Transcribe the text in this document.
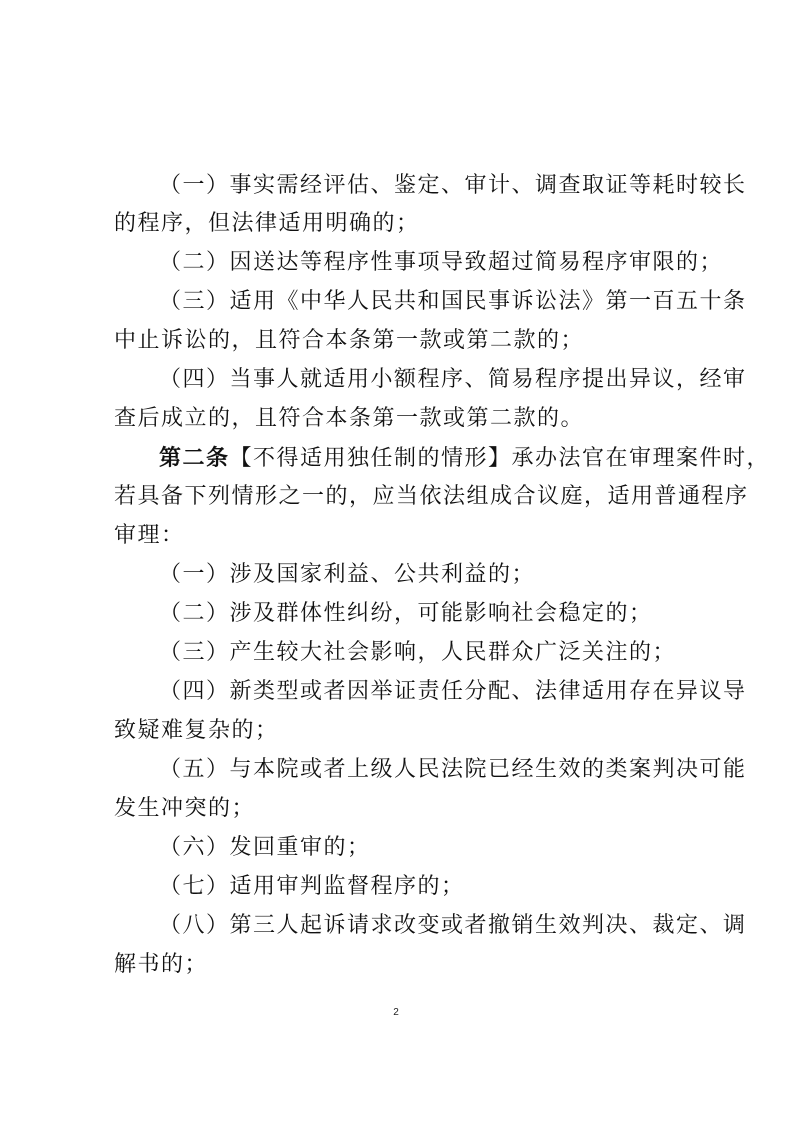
（一）事实需经评估、鉴定、审计、调查取证等耗时较长
的程序，但法律适用明确的；
（二）因送达等程序性事项导致超过简易程序审限的；
（三）适用《中华人民共和国民事诉讼法》第一百五十条
中止诉讼的，且符合本条第一款或第二款的；
（四）当事人就适用小额程序、简易程序提出异议，经审
查后成立的，且符合本条第一款或第二款的。
第二条【不得适用独任制的情形】承办法官在审理案件时，
若具备下列情形之一的，应当依法组成合议庭，适用普通程序
审理：
（一）涉及国家利益、公共利益的；
（二）涉及群体性纠纷，可能影响社会稳定的；
（三）产生较大社会影响，人民群众广泛关注的；
（四）新类型或者因举证责任分配、法律适用存在异议导
致疑难复杂的；
（五）与本院或者上级人民法院已经生效的类案判决可能
发生冲突的；
（六）发回重审的；
（七）适用审判监督程序的；
（八）第三人起诉请求改变或者撤销生效判决、裁定、调
解书的；
2
